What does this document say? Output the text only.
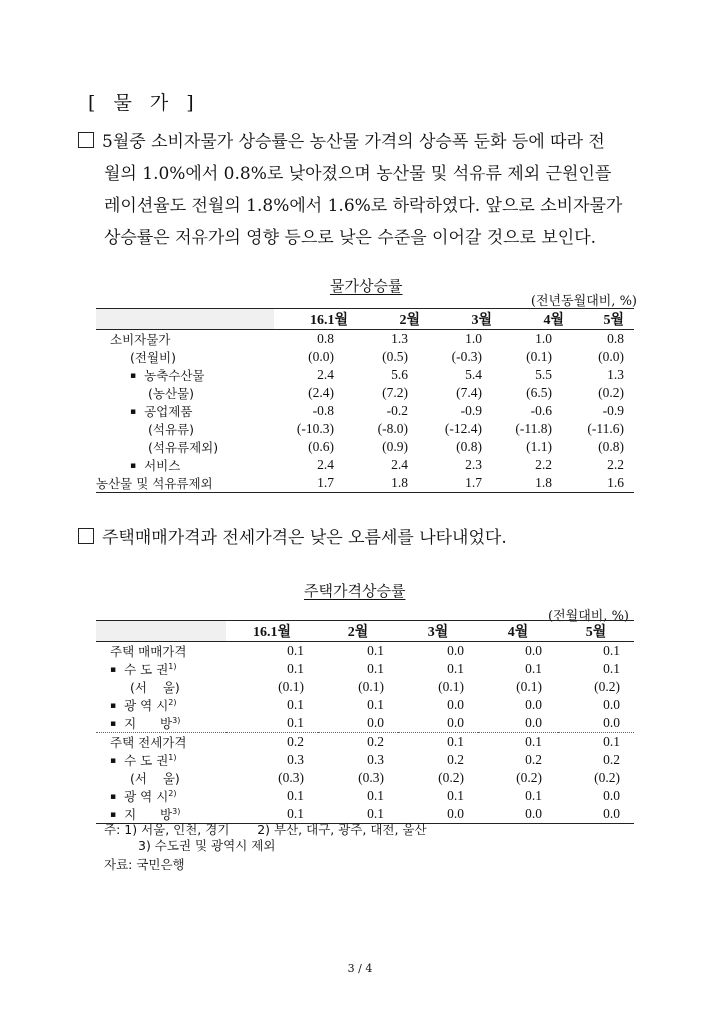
[ 물 가 ]
5월중 소비자물가 상승률은 농산물 가격의 상승폭 둔화 등에 따라 전
월의 1.0%에서 0.8%로 낮아졌으며 농산물 및 석유류 제외 근원인플
레이션율도 전월의 1.8%에서 1.6%로 하락하였다. 앞으로 소비자물가
상승률은 저유가의 영향 등으로 낮은 수준을 이어갈 것으로 보인다.
물가상승률
(전년동월대비, %)
	16.1월	2월	3월	4월	5월
소비자물가	0.8	1.3	1.0	1.0	0.8
(전월비)	(0.0)	(0.5)	(-0.3)	(0.1)	(0.0)
▪ 농축수산물	2.4	5.6	5.4	5.5	1.3
(농산물)	(2.4)	(7.2)	(7.4)	(6.5)	(0.2)
▪ 공업제품	-0.8	-0.2	-0.9	-0.6	-0.9
(석유류)	(-10.3)	(-8.0)	(-12.4)	(-11.8)	(-11.6)
(석유류제외)	(0.6)	(0.9)	(0.8)	(1.1)	(0.8)
▪ 서비스	2.4	2.4	2.3	2.2	2.2
농산물 및 석유류제외	1.7	1.8	1.7	1.8	1.6
주택매매가격과 전세가격은 낮은 오름세를 나타내었다.
주택가격상승률
(전월대비, %)
	16.1월	2월	3월	4월	5월
주택 매매가격	0.1	0.1	0.0	0.0	0.1
▪ 수 도 권$^{1)}$	0.1	0.1	0.1	0.1	0.1
(서    울)	(0.1)	(0.1)	(0.1)	(0.1)	(0.2)
▪ 광 역 시$^{2)}$	0.1	0.1	0.0	0.0	0.0
▪ 지      방$^{3)}$	0.1	0.0	0.0	0.0	0.0
주택 전세가격	0.2	0.2	0.1	0.1	0.1
▪ 수 도 권$^{1)}$	0.3	0.3	0.2	0.2	0.2
(서    울)	(0.3)	(0.3)	(0.2)	(0.2)	(0.2)
▪ 광 역 시$^{2)}$	0.1	0.1	0.1	0.1	0.0
▪ 지      방$^{3)}$	0.1	0.1	0.0	0.0	0.0
주: 1) 서울, 인천, 경기       2) 부산, 대구, 광주, 대전, 울산
3) 수도권 및 광역시 제외
자료: 국민은행
3 / 4
